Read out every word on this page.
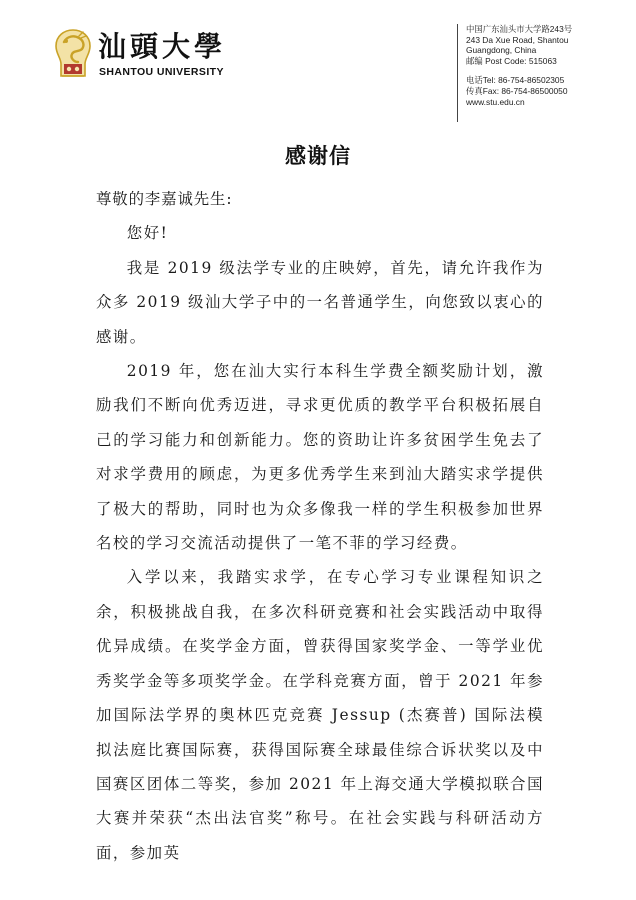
汕頭大學
SHANTOU UNIVERSITY
中国广东汕头市大学路243号
243 Da Xue Road, Shantou
Guangdong, China
邮编 Post Code: 515063
电话Tel: 86-754-86502305
传真Fax: 86-754-86500050
www.stu.edu.cn
感谢信

尊敬的李嘉诚先生:

您好!

我是 2019 级法学专业的庄映婷，首先，请允许我作为众多 2019 级汕大学子中的一名普通学生，向您致以衷心的感谢。

2019 年，您在汕大实行本科生学费全额奖励计划，激励我们不断向优秀迈进，寻求更优质的教学平台积极拓展自己的学习能力和创新能力。您的资助让许多贫困学生免去了对求学费用的顾虑，为更多优秀学生来到汕大踏实求学提供了极大的帮助，同时也为众多像我一样的学生积极参加世界名校的学习交流活动提供了一笔不菲的学习经费。

入学以来，我踏实求学，在专心学习专业课程知识之余，积极挑战自我，在多次科研竞赛和社会实践活动中取得优异成绩。在奖学金方面，曾获得国家奖学金、一等学业优秀奖学金等多项奖学金。在学科竞赛方面，曾于 2021 年参加国际法学界的奥林匹克竞赛 Jessup (杰赛普) 国际法模拟法庭比赛国际赛，获得国际赛全球最佳综合诉状奖以及中国赛区团体二等奖，参加 2021 年上海交通大学模拟联合国大赛并荣获“杰出法官奖”称号。在社会实践与科研活动方面，参加英
